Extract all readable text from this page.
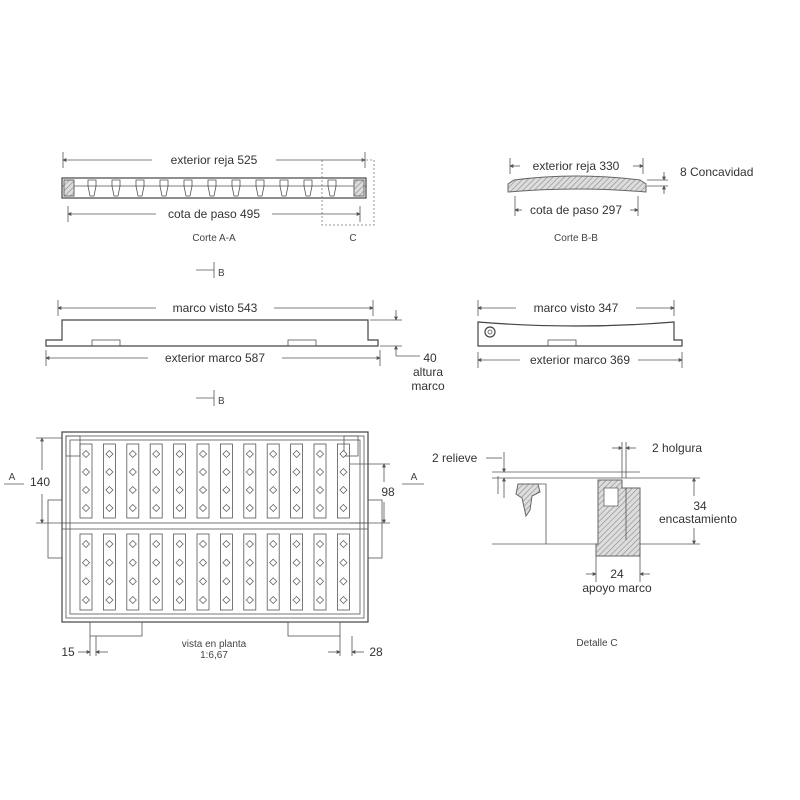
exterior reja 525
C
cota de paso 495
Corte A-A
exterior reja 330	8 Concavidad
cota de paso 297
Corte B-B
B
marco visto 543
exterior marco 587	40
altura
marco
marco visto 347
exterior marco 369
B
140
A	A
98
15	28
vista en planta
1:6,67
2 relieve
2 holgura
34
encastamiento
24
apoyo marco
Detalle C
